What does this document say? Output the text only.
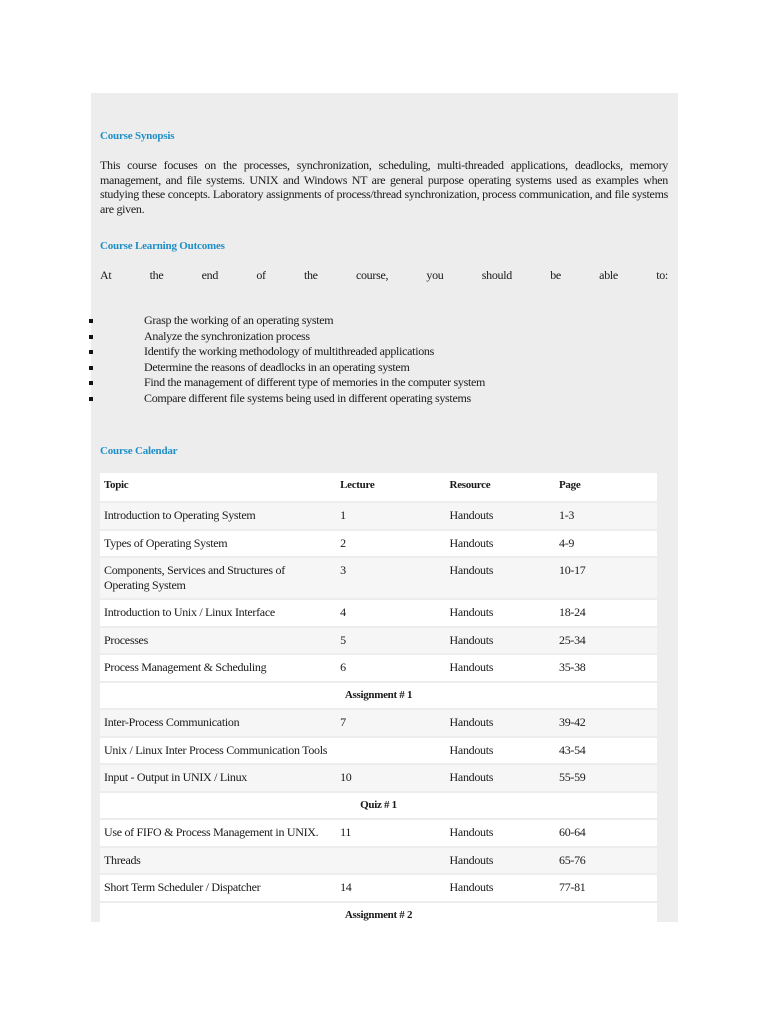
Course Synopsis
This course focuses on the processes, synchronization, scheduling, multi-threaded applications, deadlocks, memory management, and file systems. UNIX and Windows NT are general purpose operating systems used as examples when studying these concepts. Laboratory assignments of process/thread synchronization, process communication, and file systems are given.
Course Learning Outcomes
At	the	end	of	the	course,	you	should	be	able	to:
Grasp the working of an operating system
Analyze the synchronization process
Identify the working methodology of multithreaded applications
Determine the reasons of deadlocks in an operating system
Find the management of different type of memories in the computer system
Compare different file systems being used in different operating systems
Course Calendar
Topic	Lecture	Resource	Page

Introduction to Operating System	1	Handouts	1-3

Types of Operating System	2	Handouts	4-9

Components, Services and Structures of Operating System	3	Handouts	10-17

Introduction to Unix / Linux Interface	4	Handouts	18-24

Processes	5	Handouts	25-34

Process Management & Scheduling	6	Handouts	35-38

Assignment # 1			

Inter-Process Communication	7	Handouts	39-42

Unix / Linux Inter Process Communication Tools		Handouts	43-54

Input - Output in UNIX / Linux	10	Handouts	55-59

Quiz # 1			

Use of FIFO & Process Management in UNIX.	11	Handouts	60-64

Threads		Handouts	65-76

Short Term Scheduler / Dispatcher	14	Handouts	77-81

Assignment # 2			
